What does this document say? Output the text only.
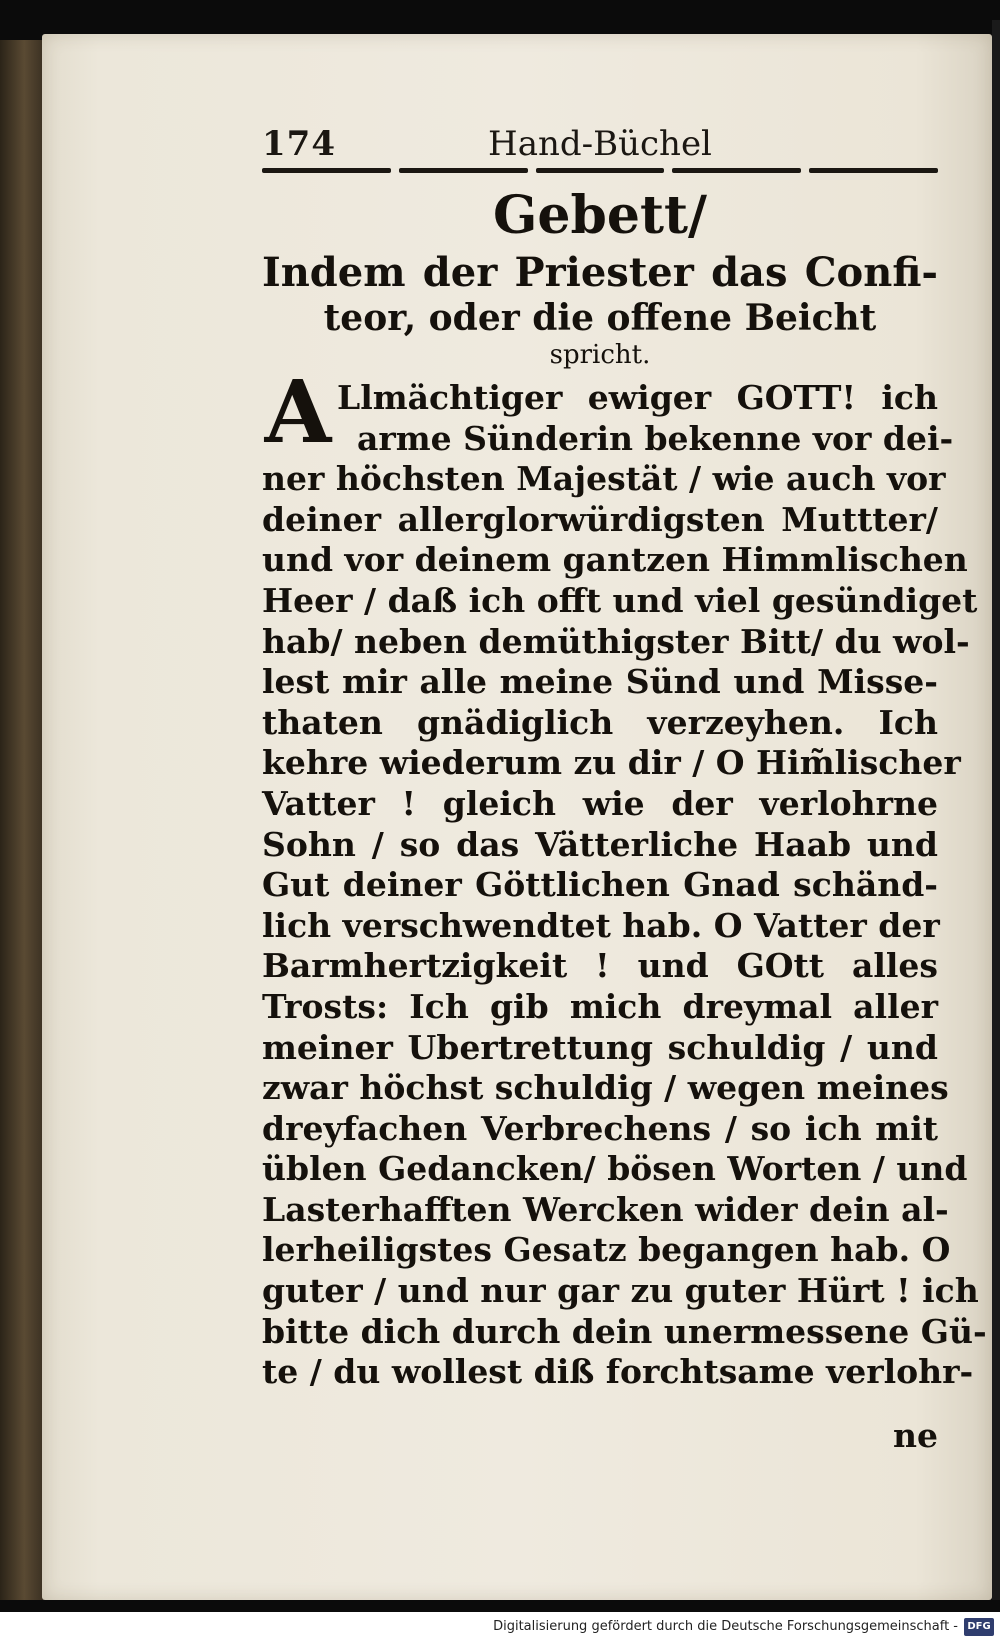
174	Hand-Büchel
Gebett/
Indem der Priester das Confi-
teor, oder die offene Beicht
spricht.
A Llmächtiger ewiger GOTT! ich
arme Sünderin bekenne vor dei-
ner höchsten Majestät / wie auch vor
deiner allerglorwürdigsten Muttter/
und vor deinem gantzen Himmlischen
Heer / daß ich offt und viel gesündiget
hab/ neben demüthigster Bitt/ du wol-
lest mir alle meine Sünd und Misse-
thaten gnädiglich verzeyhen. Ich
kehre wiederum zu dir / O Him̃lischer
Vatter ! gleich wie der verlohrne
Sohn / so das Vätterliche Haab und
Gut deiner Göttlichen Gnad schänd-
lich verschwendtet hab. O Vatter der
Barmhertzigkeit ! und GOtt alles
Trosts: Ich gib mich dreymal aller
meiner Ubertrettung schuldig / und
zwar höchst schuldig / wegen meines
dreyfachen Verbrechens / so ich mit
üblen Gedancken/ bösen Worten / und
Lasterhafften Wercken wider dein al-
lerheiligstes Gesatz begangen hab. O
guter / und nur gar zu guter Hürt ! ich
bitte dich durch dein unermessene Gü-
te / du wollest diß forchtsame verlohr-
ne
Digitalisierung gefördert durch die Deutsche Forschungsgemeinschaft - DFG
